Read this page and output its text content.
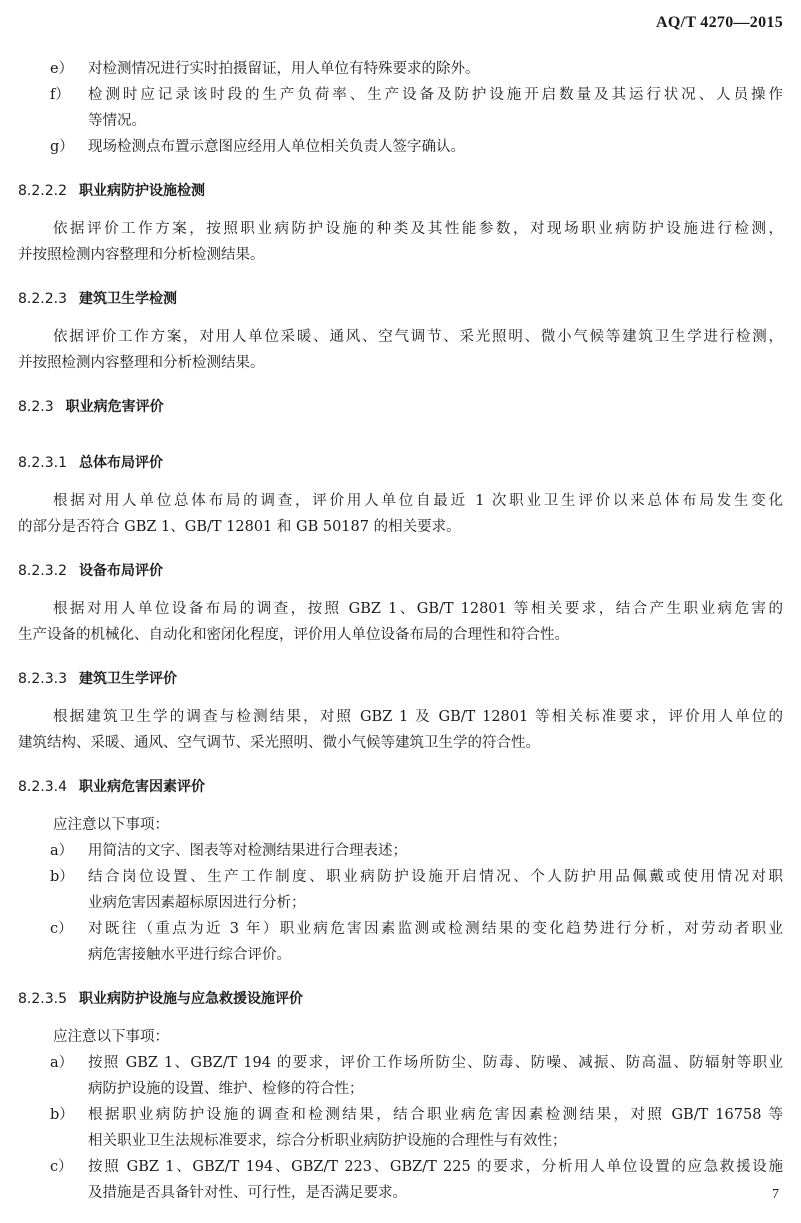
AQ/T 4270—2015
e） 对检测情况进行实时拍摄留证，用人单位有特殊要求的除外。
f） 检测时应记录该时段的生产负荷率、生产设备及防护设施开启数量及其运行状况、人员操作
等情况。
g） 现场检测点布置示意图应经用人单位相关负责人签字确认。
8.2.2.2 职业病防护设施检测
依据评价工作方案，按照职业病防护设施的种类及其性能参数，对现场职业病防护设施进行检测，
并按照检测内容整理和分析检测结果。
8.2.2.3 建筑卫生学检测
依据评价工作方案，对用人单位采暖、通风、空气调节、采光照明、微小气候等建筑卫生学进行检测，
并按照检测内容整理和分析检测结果。
8.2.3 职业病危害评价
8.2.3.1 总体布局评价
根据对用人单位总体布局的调查，评价用人单位自最近 1 次职业卫生评价以来总体布局发生变化
的部分是否符合 GBZ 1、GB/T 12801 和 GB 50187 的相关要求。
8.2.3.2 设备布局评价
根据对用人单位设备布局的调查，按照 GBZ 1、GB/T 12801 等相关要求，结合产生职业病危害的
生产设备的机械化、自动化和密闭化程度，评价用人单位设备布局的合理性和符合性。
8.2.3.3 建筑卫生学评价
根据建筑卫生学的调查与检测结果，对照 GBZ 1 及 GB/T 12801 等相关标准要求，评价用人单位的
建筑结构、采暖、通风、空气调节、采光照明、微小气候等建筑卫生学的符合性。
8.2.3.4 职业病危害因素评价
应注意以下事项：
a） 用简洁的文字、图表等对检测结果进行合理表述；
b） 结合岗位设置、生产工作制度、职业病防护设施开启情况、个人防护用品佩戴或使用情况对职
业病危害因素超标原因进行分析；
c） 对既往（重点为近 3 年）职业病危害因素监测或检测结果的变化趋势进行分析，对劳动者职业
病危害接触水平进行综合评价。
8.2.3.5 职业病防护设施与应急救援设施评价
应注意以下事项：
a） 按照 GBZ 1、GBZ/T 194 的要求，评价工作场所防尘、防毒、防噪、减振、防高温、防辐射等职业
病防护设施的设置、维护、检修的符合性；
b） 根据职业病防护设施的调查和检测结果，结合职业病危害因素检测结果，对照 GB/T 16758 等
相关职业卫生法规标准要求，综合分析职业病防护设施的合理性与有效性；
c） 按照 GBZ 1、GBZ/T 194、GBZ/T 223、GBZ/T 225 的要求，分析用人单位设置的应急救援设施
及措施是否具备针对性、可行性，是否满足要求。	7
